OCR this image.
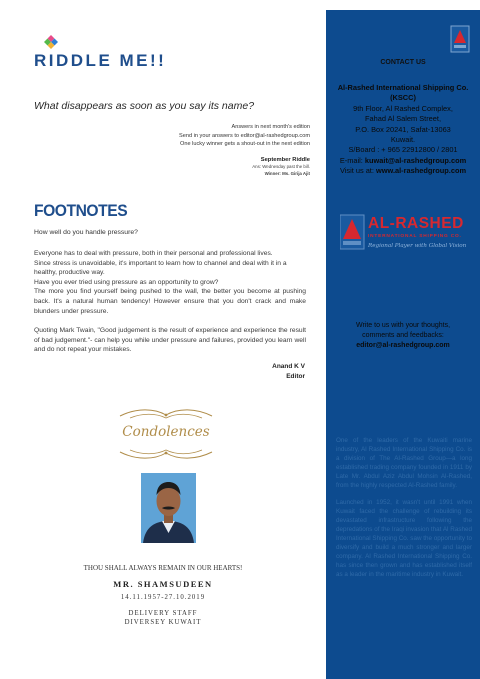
RIDDLE ME!!
What disappears as soon as you say its name?
Answers in next month's edition
Send in your answers to editor@al-rashedgroup.com
One lucky winner gets a shout-out in the next edition
September Riddle
Ans: Wednesday past the bill.
Winner: Ms. Girija Ajit
FOOTNOTES
How well do you handle pressure?

Everyone has to deal with pressure, both in their personal and professional lives.

Since stress is unavoidable, it's important to learn how to channel and deal with it in a healthy, productive way.

Have you ever tried using pressure as an opportunity to grow?

The more you find yourself being pushed to the wall, the better you become at pushing back. It's a natural human tendency! However ensure that you don't crack and make blunders under pressure.

Quoting Mark Twain, "Good judgement is the result of experience and experience the result of bad judgement."- can help you while under pressure and failures, provided you learn well and do not repeat your mistakes.

Anand K V
Editor
Condolences
THOU SHALL ALWAYS REMAIN IN OUR HEARTS!
MR. SHAMSUDEEN
14.11.1957-27.10.2019
DELIVERY STAFF
DIVERSEY KUWAIT
CONTACT US
Al-Rashed International Shipping Co. (KSCC)
9th Floor, Al Rashed Complex,
Fahad Al Salem Street,
P.O. Box 20241, Safat-13063
Kuwait.
S/Board : + 965 22912800 / 2801
E-mail: kuwait@al-rashedgroup.com
Visit us at: www.al-rashedgroup.com
AL-RASHED
INTERNATIONAL SHIPPING CO.
Regional Player with Global Vision
Write to us with your thoughts,
comments and feedbacks:
editor@al-rashedgroup.com

One of the leaders of the Kuwaiti marine industry, Al Rashed International Shipping Co. is a division of The Al-Rashed Group—a long established trading company founded in 1911 by Late Mr. Abdul Aziz Abdul Mohsin Al-Rashed, from the highly respected Al-Rashed family.

Launched in 1952, it wasn't until 1991 when Kuwait faced the challenge of rebuilding its devastated infrastructure following the depredations of the Iraqi invasion that Al Rashed International Shipping Co. saw the opportunity to diversify and build a much stronger and larger company. Al Rashed International Shipping Co. has since then grown and has established itself as a leader in the maritime industry in Kuwait.
